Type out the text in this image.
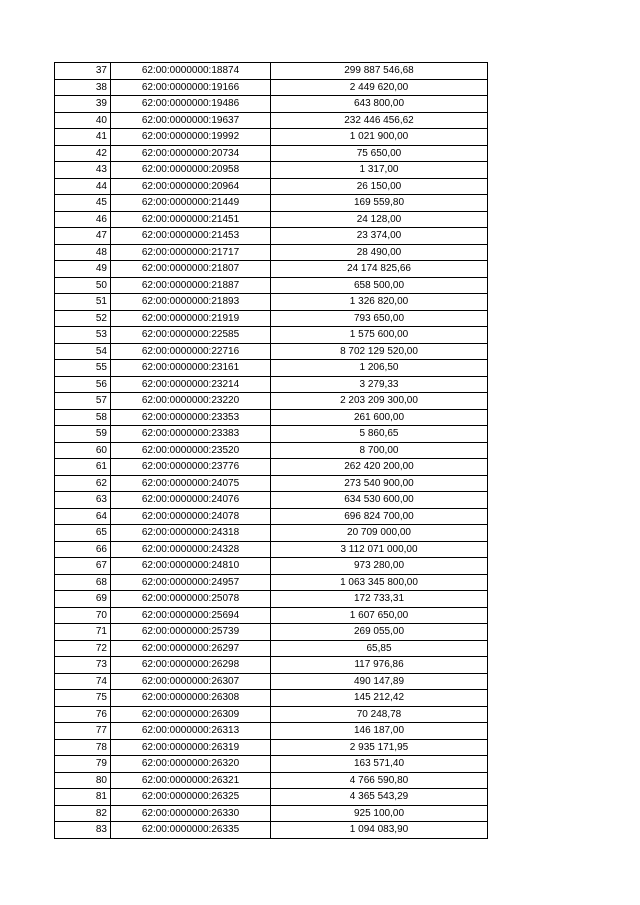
37	62:00:0000000:18874	299 887 546,68
38	62:00:0000000:19166	2 449 620,00
39	62:00:0000000:19486	643 800,00
40	62:00:0000000:19637	232 446 456,62
41	62:00:0000000:19992	1 021 900,00
42	62:00:0000000:20734	75 650,00
43	62:00:0000000:20958	1 317,00
44	62:00:0000000:20964	26 150,00
45	62:00:0000000:21449	169 559,80
46	62:00:0000000:21451	24 128,00
47	62:00:0000000:21453	23 374,00
48	62:00:0000000:21717	28 490,00
49	62:00:0000000:21807	24 174 825,66
50	62:00:0000000:21887	658 500,00
51	62:00:0000000:21893	1 326 820,00
52	62:00:0000000:21919	793 650,00
53	62:00:0000000:22585	1 575 600,00
54	62:00:0000000:22716	8 702 129 520,00
55	62:00:0000000:23161	1 206,50
56	62:00:0000000:23214	3 279,33
57	62:00:0000000:23220	2 203 209 300,00
58	62:00:0000000:23353	261 600,00
59	62:00:0000000:23383	5 860,65
60	62:00:0000000:23520	8 700,00
61	62:00:0000000:23776	262 420 200,00
62	62:00:0000000:24075	273 540 900,00
63	62:00:0000000:24076	634 530 600,00
64	62:00:0000000:24078	696 824 700,00
65	62:00:0000000:24318	20 709 000,00
66	62:00:0000000:24328	3 112 071 000,00
67	62:00:0000000:24810	973 280,00
68	62:00:0000000:24957	1 063 345 800,00
69	62:00:0000000:25078	172 733,31
70	62:00:0000000:25694	1 607 650,00
71	62:00:0000000:25739	269 055,00
72	62:00:0000000:26297	65,85
73	62:00:0000000:26298	117 976,86
74	62:00:0000000:26307	490 147,89
75	62:00:0000000:26308	145 212,42
76	62:00:0000000:26309	70 248,78
77	62:00:0000000:26313	146 187,00
78	62:00:0000000:26319	2 935 171,95
79	62:00:0000000:26320	163 571,40
80	62:00:0000000:26321	4 766 590,80
81	62:00:0000000:26325	4 365 543,29
82	62:00:0000000:26330	925 100,00
83	62:00:0000000:26335	1 094 083,90
